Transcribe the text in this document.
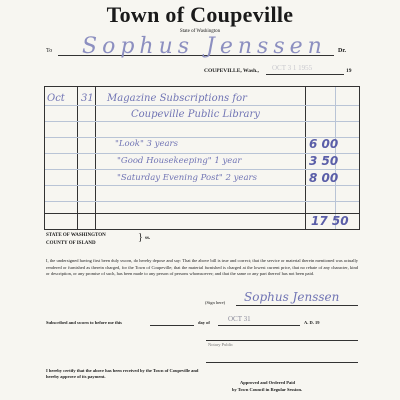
Town of Coupeville
State of Washington
To Sophus Jenssen Dr.
OCT 3 1 1955
COUPEVILLE, Wash.,	19
Oct 31 Magazine Subscriptions for
Coupeville Public Library
"Look" 3 years	6 00
"Good Housekeeping" 1 year	3 50
"Saturday Evening Post" 2 years	8 00
17 50
STATE OF WASHINGTON
COUNTY OF ISLAND
} ss.
I, the undersigned having first been duly sworn, do hereby depose and say: That the above bill is true and correct; that the service or material therein mentioned was actually rendered or furnished as therein charged, for the Town of Coupeville; that the material furnished is charged at the lowest current price, that no rebate of any character, kind or description, or any promise of such, has been made to any person of persons whomsoever; and that the same or any part thereof has not been paid.
(Sign here) Sophus Jenssen
Subscribed and sworn to before me this	day of	OCT 31	A. D. 19
Notary Public
I hereby certify that the above has been received by the Town of Coupeville and hereby approve of its payment.
Approved and Ordered Paid
by Town Council in Regular Session.
